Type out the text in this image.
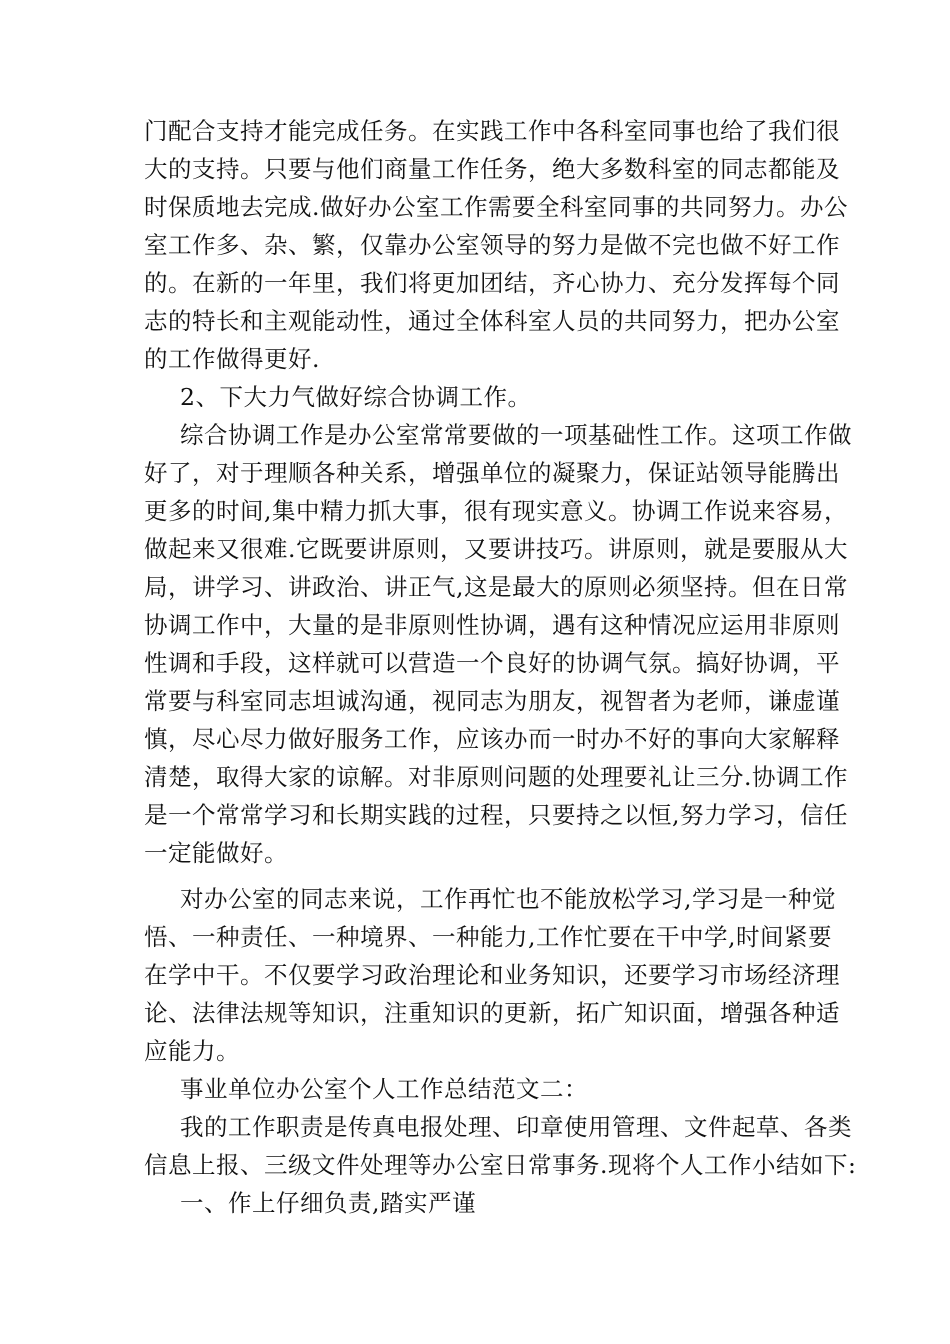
门配合支持才能完成任务。在实践工作中各科室同事也给了我们很
大的支持。只要与他们商量工作任务，绝大多数科室的同志都能及
时保质地去完成.做好办公室工作需要全科室同事的共同努力。办公
室工作多、杂、繁，仅靠办公室领导的努力是做不完也做不好工作
的。在新的一年里，我们将更加团结，齐心协力、充分发挥每个同
志的特长和主观能动性，通过全体科室人员的共同努力，把办公室
的工作做得更好.

2、下大力气做好综合协调工作。

综合协调工作是办公室常常要做的一项基础性工作。这项工作做
好了，对于理顺各种关系，增强单位的凝聚力，保证站领导能腾出
更多的时间,集中精力抓大事，很有现实意义。协调工作说来容易，
做起来又很难.它既要讲原则，又要讲技巧。讲原则，就是要服从大
局，讲学习、讲政治、讲正气,这是最大的原则必须坚持。但在日常
协调工作中，大量的是非原则性协调，遇有这种情况应运用非原则
性调和手段，这样就可以营造一个良好的协调气氛。搞好协调，平
常要与科室同志坦诚沟通，视同志为朋友，视智者为老师，谦虚谨
慎，尽心尽力做好服务工作，应该办而一时办不好的事向大家解释
清楚，取得大家的谅解。对非原则问题的处理要礼让三分.协调工作
是一个常常学习和长期实践的过程，只要持之以恒,努力学习，信任
一定能做好。

对办公室的同志来说，工作再忙也不能放松学习,学习是一种觉
悟、一种责任、一种境界、一种能力,工作忙要在干中学,时间紧要
在学中干。不仅要学习政治理论和业务知识，还要学习市场经济理
论、法律法规等知识，注重知识的更新，拓广知识面，增强各种适
应能力。

事业单位办公室个人工作总结范文二：

我的工作职责是传真电报处理、印章使用管理、文件起草、各类
信息上报、三级文件处理等办公室日常事务.现将个人工作小结如下:

一、作上仔细负责,踏实严谨
